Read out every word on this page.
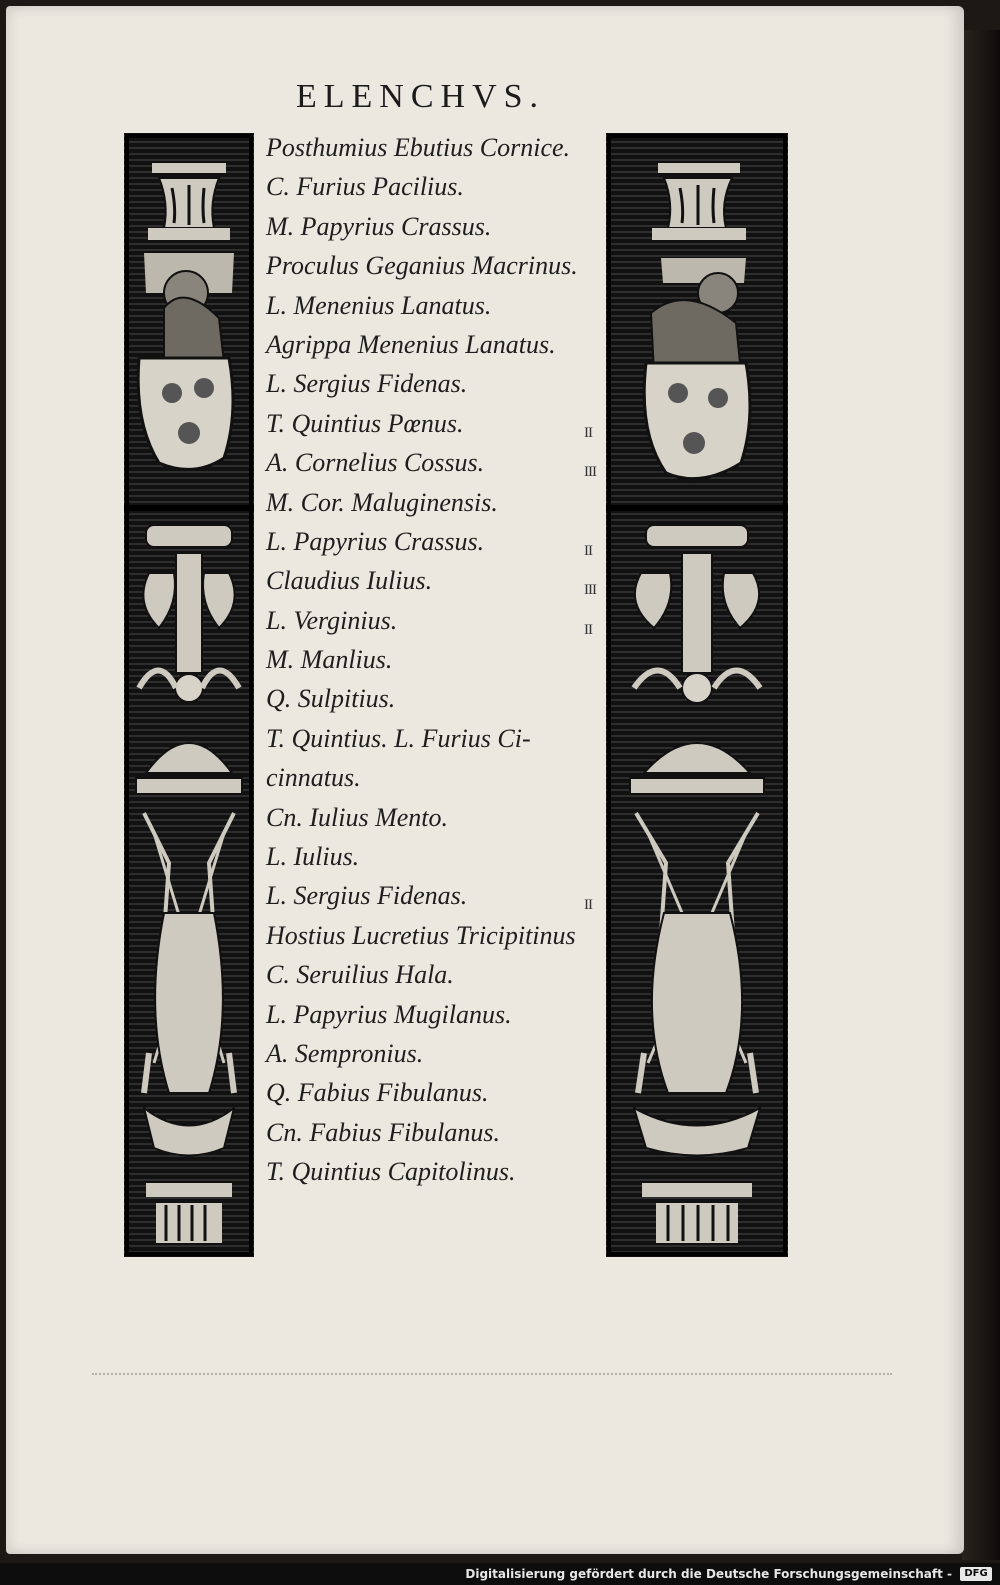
ELENCHVS.
Posthumius Ebutius Cornice.
C. Furius Pacilius.
M. Papyrius Crassus.
Proculus Geganius Macrinus.
L. Menenius Lanatus.
Agrippa Menenius Lanatus.
L. Sergius Fidenas.
T. Quintius Pœnus.	II
A. Cornelius Cossus.	III
M. Cor. Maluginensis.
L. Papyrius Crassus.	II
Claudius Iulius.	III
L. Verginius.	II
M. Manlius.
Q. Sulpitius.
T. Quintius. L. Furius Ci-
cinnatus.
Cn. Iulius Mento.
L. Iulius.
L. Sergius Fidenas.	II
Hostius Lucretius Tricipitinus
C. Seruilius Hala.
L. Papyrius Mugilanus.
A. Sempronius.
Q. Fabius Fibulanus.
Cn. Fabius Fibulanus.
T. Quintius Capitolinus.
Digitalisierung gefördert durch die Deutsche Forschungsgemeinschaft -	DFG
